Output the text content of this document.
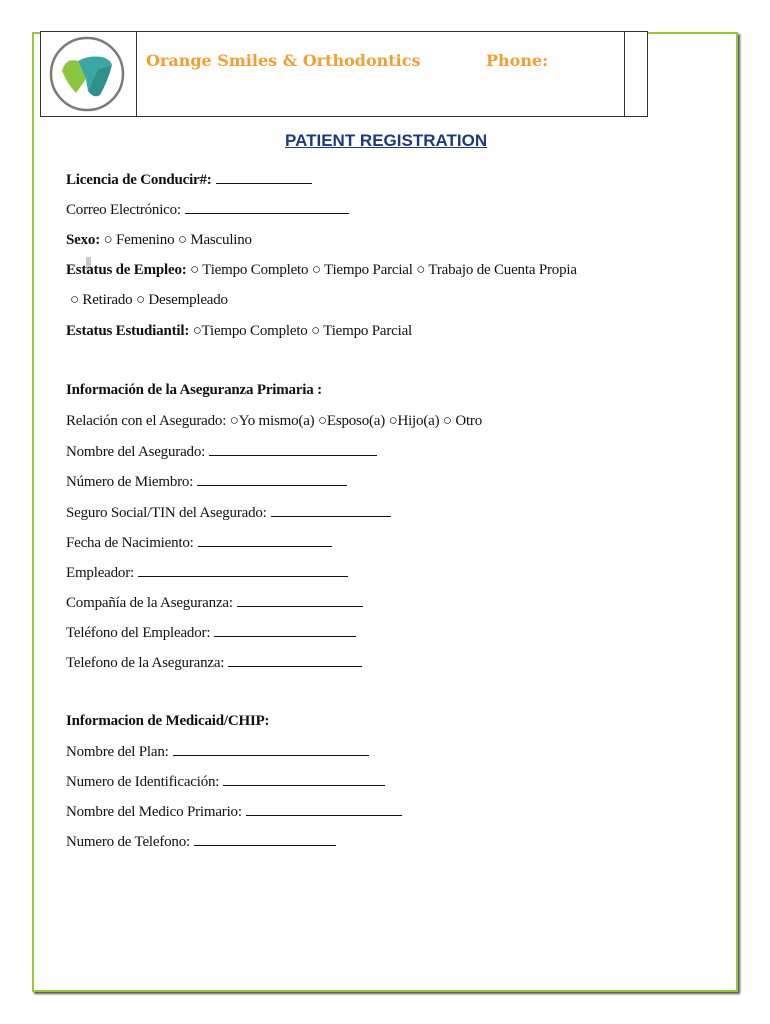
Orange Smiles & Orthodontics	Phone:
PATIENT REGISTRATION
Licencia de Conducir#:
Correo Electrónico:
Sexo: ○ Femenino ○ Masculino
Estatus de Empleo: ○ Tiempo Completo ○ Tiempo Parcial ○ Trabajo de Cuenta Propia
○ Retirado ○ Desempleado
Estatus Estudiantil: ○Tiempo Completo ○ Tiempo Parcial
Información de la Aseguranza Primaria :
Relación con el Asegurado: ○Yo mismo(a) ○Esposo(a) ○Hijo(a) ○ Otro
Nombre del Asegurado:
Número de Miembro:
Seguro Social/TIN del Asegurado:
Fecha de Nacimiento:
Empleador:
Compañía de la Aseguranza:
Teléfono del Empleador:
Telefono de la Aseguranza:
Informacion de Medicaid/CHIP:
Nombre del Plan:
Numero de Identificación:
Nombre del Medico Primario:
Numero de Telefono:
